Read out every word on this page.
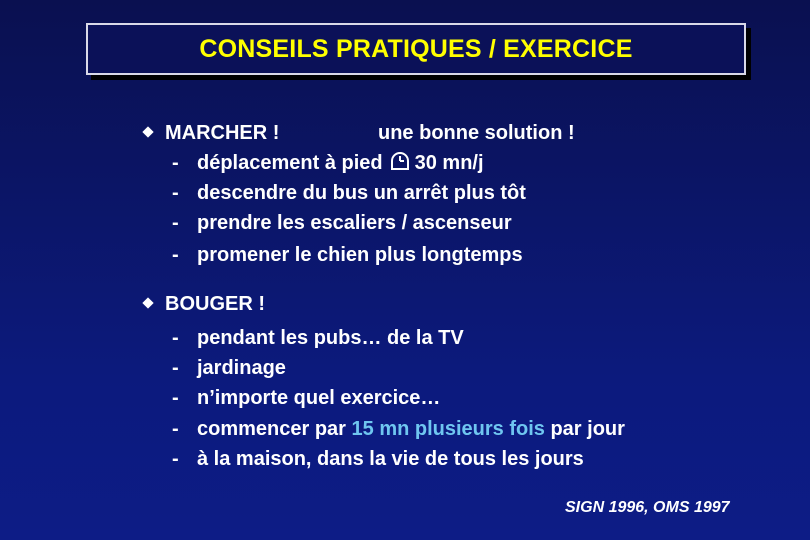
CONSEILS PRATIQUES / EXERCICE
MARCHER !	une bonne solution !
- déplacement à pied 30 mn/j
- descendre du bus un arrêt plus tôt
- prendre les escaliers / ascenseur
- promener le chien plus longtemps
BOUGER !
- pendant les pubs… de la TV
- jardinage
- n’importe quel exercice…
- commencer par 15 mn plusieurs fois par jour
- à la maison, dans la vie de tous les jours
SIGN 1996, OMS 1997
